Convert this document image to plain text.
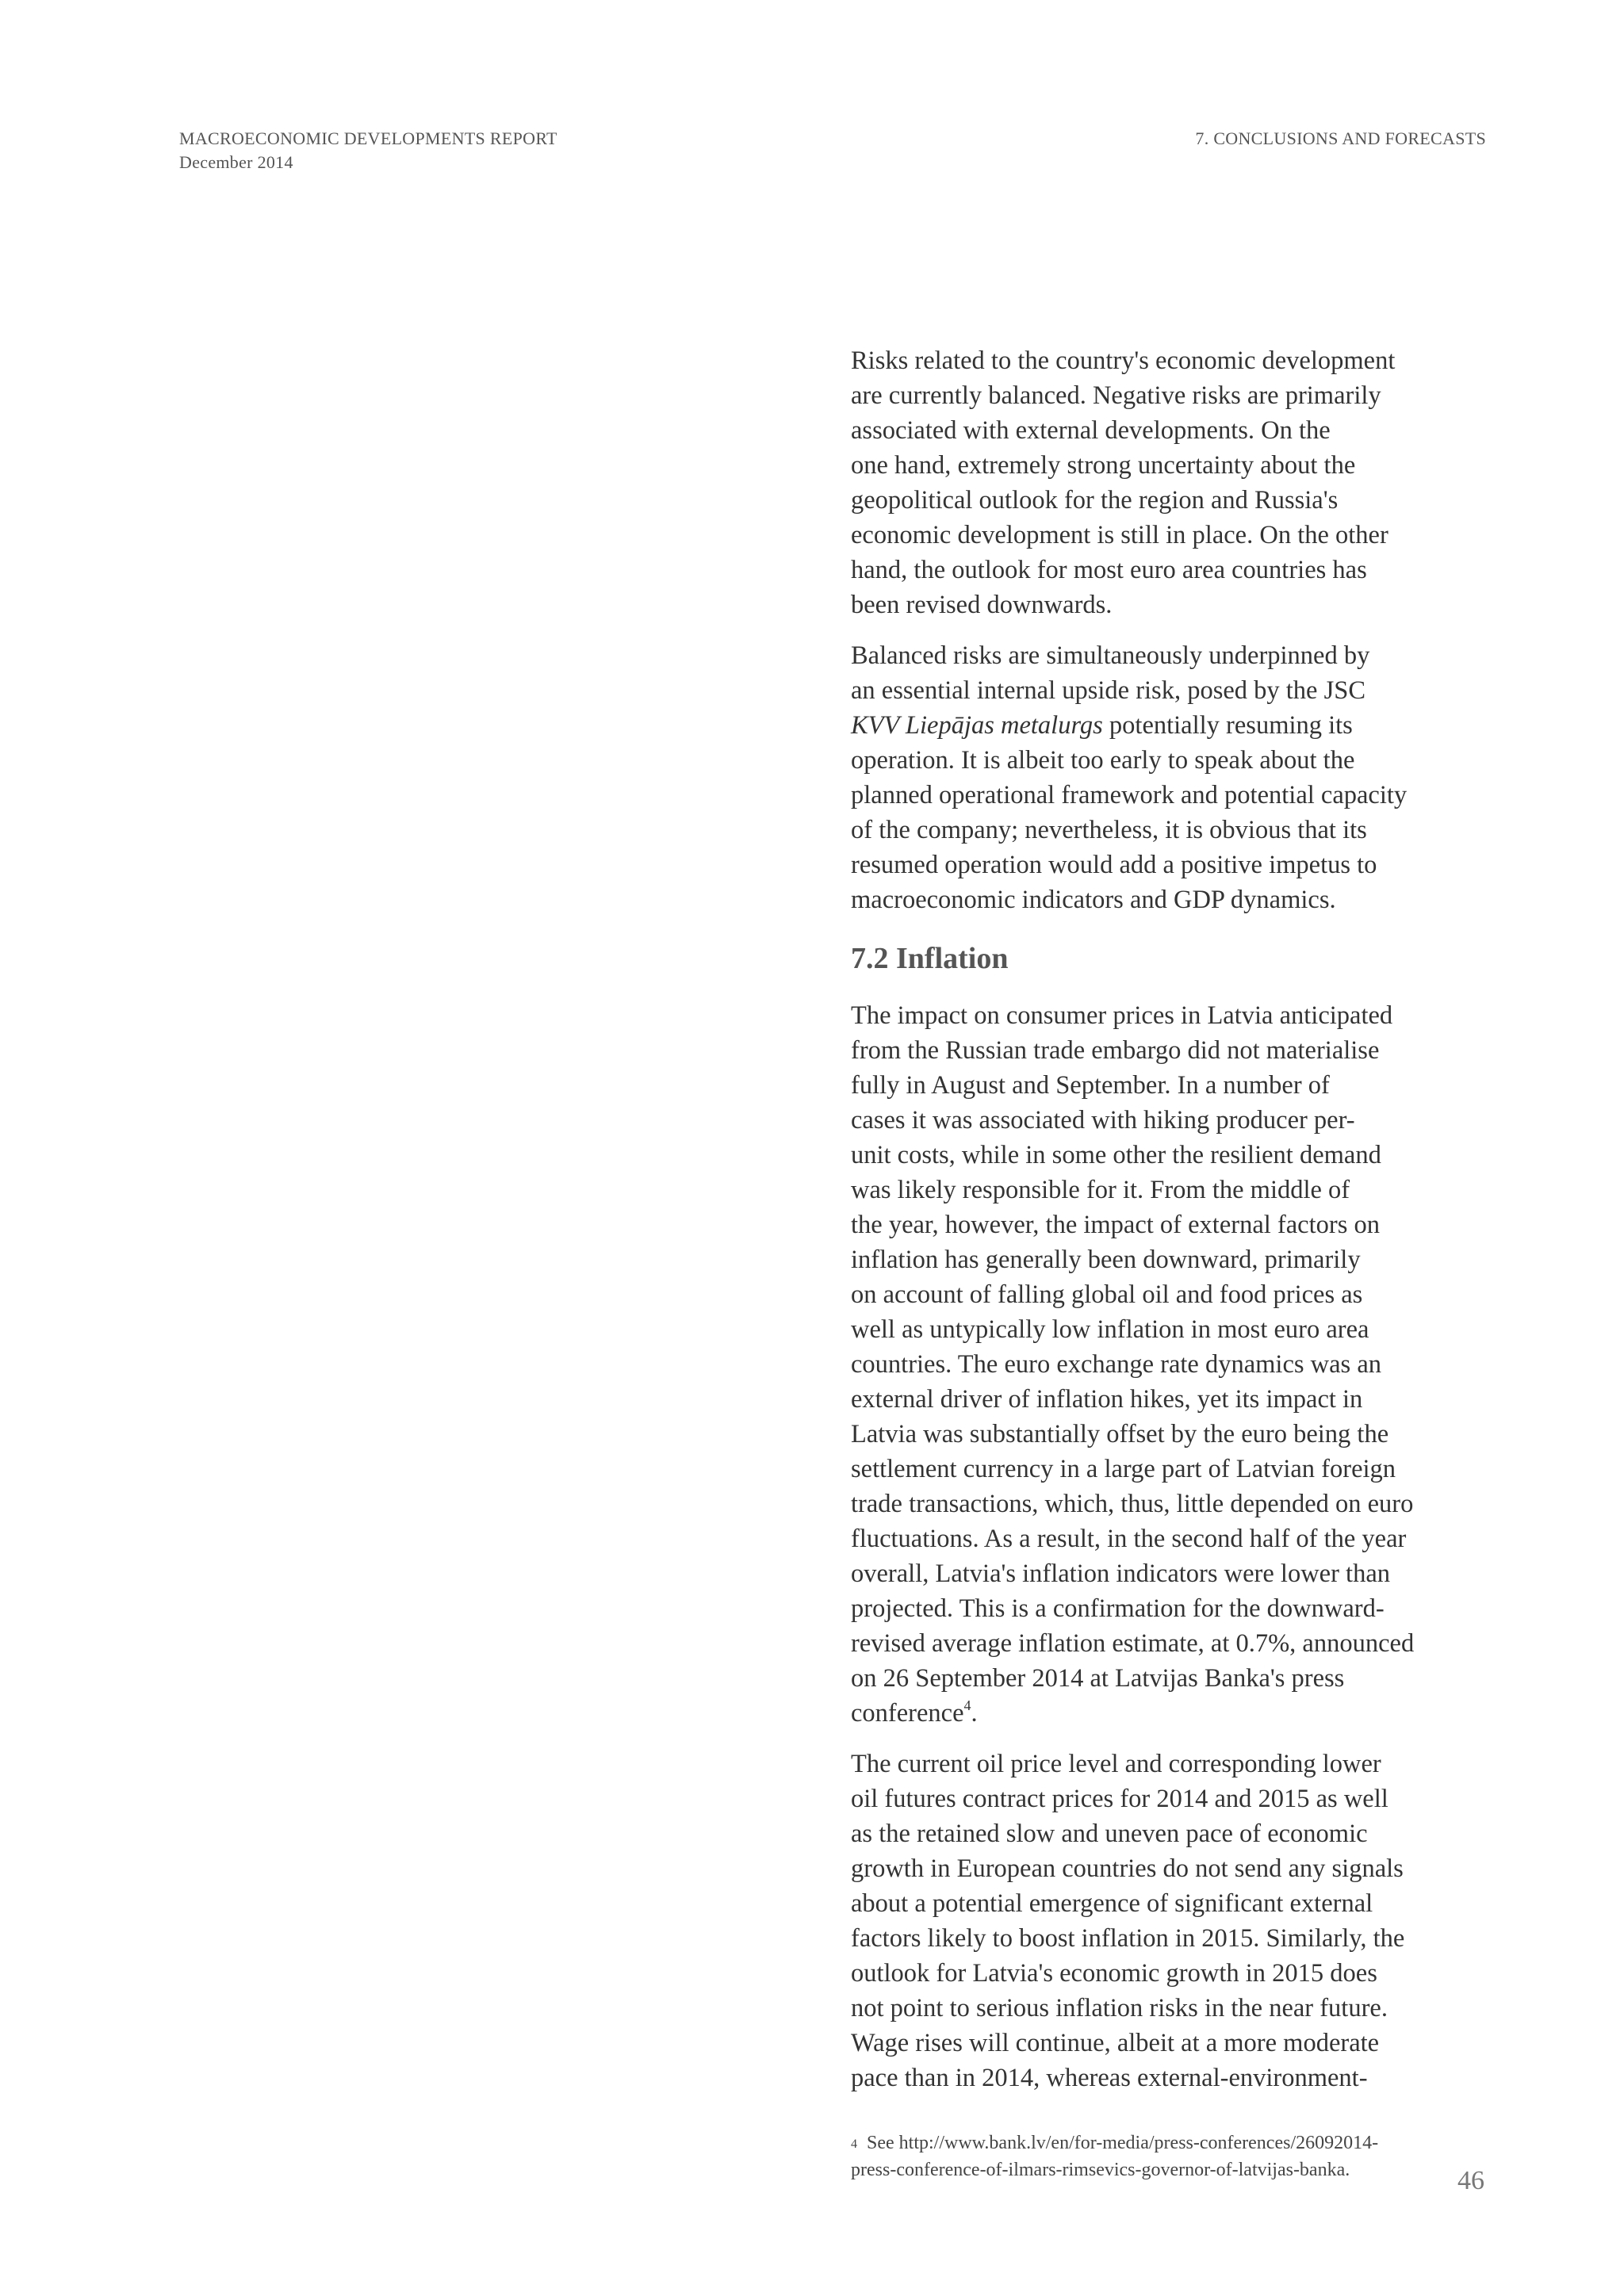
MACROECONOMIC DEVELOPMENTS REPORT
December 2014
7. CONCLUSIONS AND FORECASTS

Risks related to the country's economic development
are currently balanced. Negative risks are primarily
associated with external developments. On the
one hand, extremely strong uncertainty about the
geopolitical outlook for the region and Russia's
economic development is still in place. On the other
hand, the outlook for most euro area countries has
been revised downwards.

Balanced risks are simultaneously underpinned by
an essential internal upside risk, posed by the JSC
KVV Liepājas metalurgs potentially resuming its
operation. It is albeit too early to speak about the
planned operational framework and potential capacity
of the company; nevertheless, it is obvious that its
resumed operation would add a positive impetus to
macroeconomic indicators and GDP dynamics.

7.2 Inflation

The impact on consumer prices in Latvia anticipated
from the Russian trade embargo did not materialise
fully in August and September. In a number of
cases it was associated with hiking producer per-
unit costs, while in some other the resilient demand
was likely responsible for it. From the middle of
the year, however, the impact of external factors on
inflation has generally been downward, primarily
on account of falling global oil and food prices as
well as untypically low inflation in most euro area
countries. The euro exchange rate dynamics was an
external driver of inflation hikes, yet its impact in
Latvia was substantially offset by the euro being the
settlement currency in a large part of Latvian foreign
trade transactions, which, thus, little depended on euro
fluctuations. As a result, in the second half of the year
overall, Latvia's inflation indicators were lower than
projected. This is a confirmation for the downward-
revised average inflation estimate, at 0.7%, announced
on 26 September 2014 at Latvijas Banka's press
conference$^4$.

The current oil price level and corresponding lower
oil futures contract prices for 2014 and 2015 as well
as the retained slow and uneven pace of economic
growth in European countries do not send any signals
about a potential emergence of significant external
factors likely to boost inflation in 2015. Similarly, the
outlook for Latvia's economic growth in 2015 does
not point to serious inflation risks in the near future.
Wage rises will continue, albeit at a more moderate
pace than in 2014, whereas external-environment-

$^4$ See http://www.bank.lv/en/for-media/press-conferences/26092014-
press-conference-of-ilmars-rimsevics-governor-of-latvijas-banka.	46
